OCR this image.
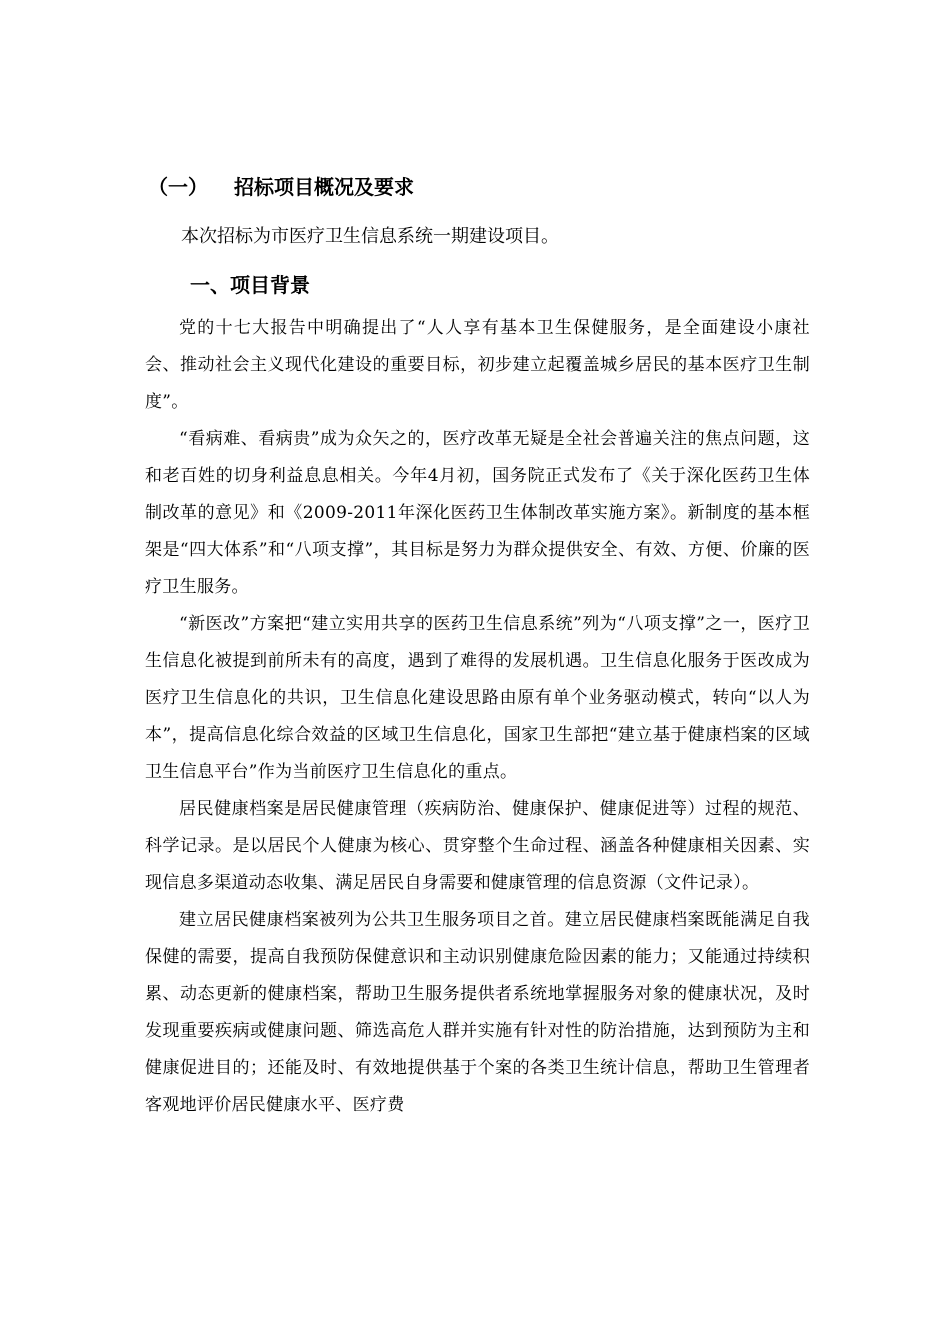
（一） 招标项目概况及要求
本次招标为市医疗卫生信息系统一期建设项目。
一、项目背景

党的十七大报告中明确提出了“人人享有基本卫生保健服务，是全面建设小康社会、推动社会主义现代化建设的重要目标，初步建立起覆盖城乡居民的基本医疗卫生制度”。

“看病难、看病贵”成为众矢之的，医疗改革无疑是全社会普遍关注的焦点问题，这和老百姓的切身利益息息相关。今年4月初，国务院正式发布了《关于深化医药卫生体制改革的意见》和《2009-2011年深化医药卫生体制改革实施方案》。新制度的基本框架是“四大体系”和“八项支撑”，其目标是努力为群众提供安全、有效、方便、价廉的医疗卫生服务。

“新医改”方案把“建立实用共享的医药卫生信息系统”列为“八项支撑”之一，医疗卫生信息化被提到前所未有的高度，遇到了难得的发展机遇。卫生信息化服务于医改成为医疗卫生信息化的共识，卫生信息化建设思路由原有单个业务驱动模式，转向“以人为本”，提高信息化综合效益的区域卫生信息化，国家卫生部把“建立基于健康档案的区域卫生信息平台”作为当前医疗卫生信息化的重点。

居民健康档案是居民健康管理（疾病防治、健康保护、健康促进等）过程的规范、科学记录。是以居民个人健康为核心、贯穿整个生命过程、涵盖各种健康相关因素、实现信息多渠道动态收集、满足居民自身需要和健康管理的信息资源（文件记录）。

建立居民健康档案被列为公共卫生服务项目之首。建立居民健康档案既能满足自我保健的需要，提高自我预防保健意识和主动识别健康危险因素的能力；又能通过持续积累、动态更新的健康档案，帮助卫生服务提供者系统地掌握服务对象的健康状况，及时发现重要疾病或健康问题、筛选高危人群并实施有针对性的防治措施，达到预防为主和健康促进目的；还能及时、有效地提供基于个案的各类卫生统计信息，帮助卫生管理者客观地评价居民健康水平、医疗费
